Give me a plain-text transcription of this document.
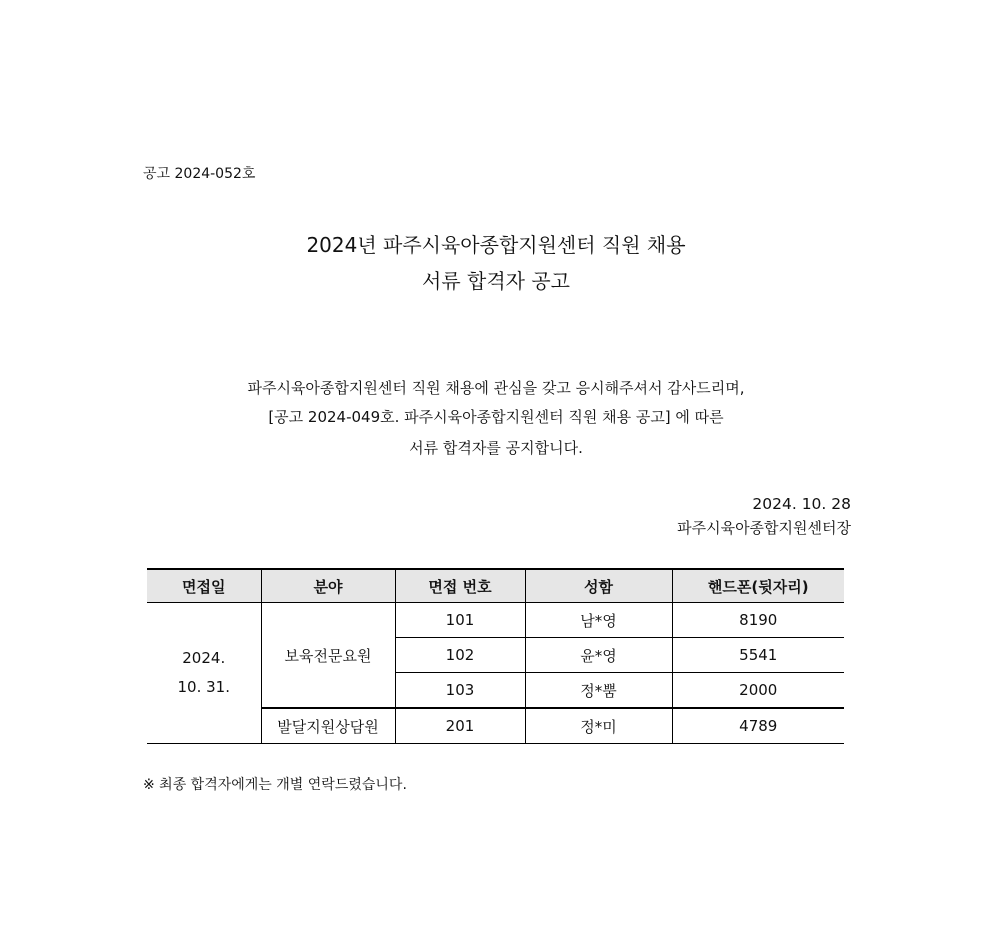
공고 2024-052호
2024년 파주시육아종합지원센터 직원 채용
서류 합격자 공고
파주시육아종합지원센터 직원 채용에 관심을 갖고 응시해주셔서 감사드리며,
[공고 2024-049호. 파주시육아종합지원센터 직원 채용 공고] 에 따른
서류 합격자를 공지합니다.
2024. 10. 28
파주시육아종합지원센터장
면접일	분야	면접 번호	성함	핸드폰(뒷자리)

2024.
10. 31.	보육전문요원	101	남*영	8190
		102	윤*영	5541
		103	정*뿜	2000
	발달지원상담원	201	정*미	4789
※ 최종 합격자에게는 개별 연락드렸습니다.
